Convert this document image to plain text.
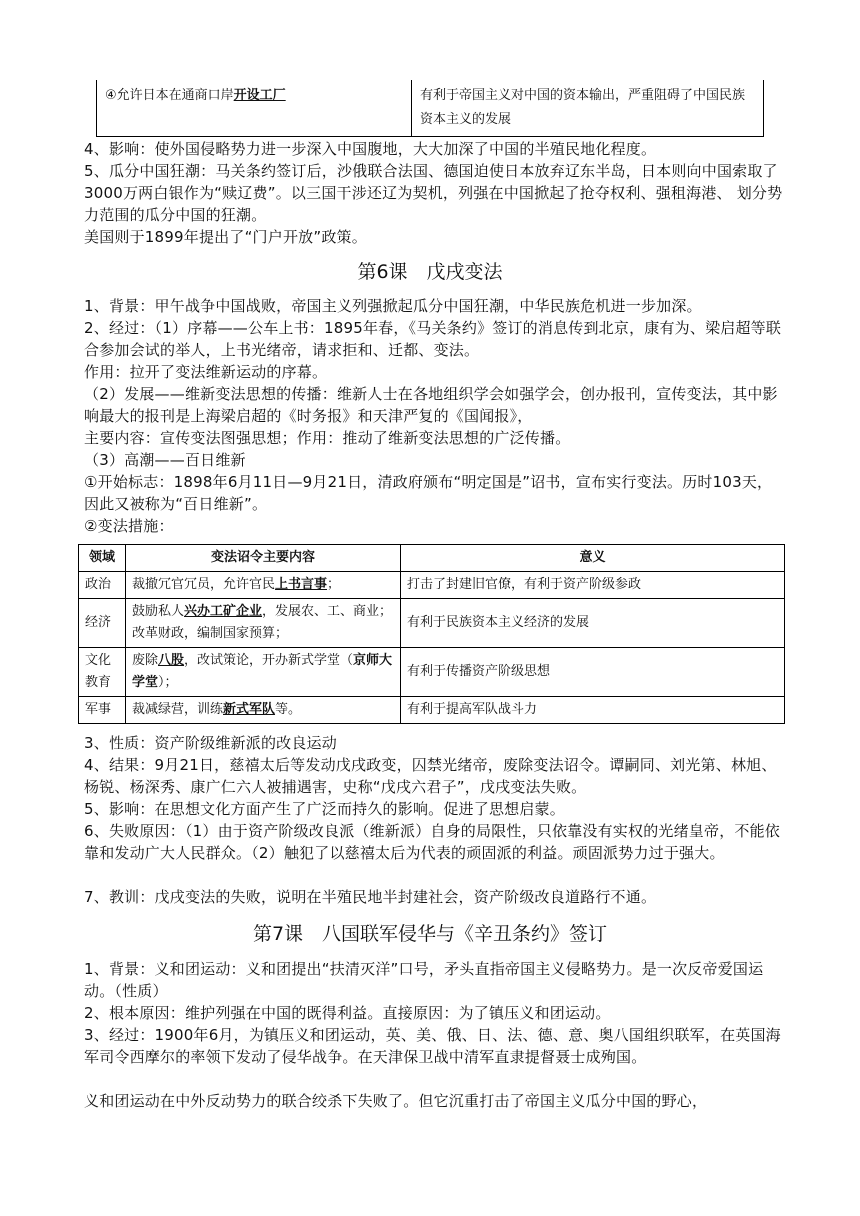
④允许日本在通商口岸开设工厂	有利于帝国主义对中国的资本输出，严重阻碍了中国民族资本主义的发展

4、影响：使外国侵略势力进一步深入中国腹地，大大加深了中国的半殖民地化程度。

5、瓜分中国狂潮：马关条约签订后，沙俄联合法国、德国迫使日本放弃辽东半岛，日本则向中国索取了3000万两白银作为“赎辽费”。以三国干涉还辽为契机，列强在中国掀起了抢夺权利、强租海港、 划分势力范围的瓜分中国的狂潮。

美国则于1899年提出了“门户开放”政策。

第6课　戊戌变法

1、背景：甲午战争中国战败，帝国主义列强掀起瓜分中国狂潮，中华民族危机进一步加深。

2、经过：（1）序幕——公车上书：1895年春，《马关条约》签订的消息传到北京，康有为、梁启超等联合参加会试的举人，上书光绪帝，请求拒和、迁都、变法。

作用：拉开了变法维新运动的序幕。

（2）发展——维新变法思想的传播：维新人士在各地组织学会如强学会，创办报刊，宣传变法，其中影响最大的报刊是上海梁启超的《时务报》和天津严复的《国闻报》，

主要内容：宣传变法图强思想；作用：推动了维新变法思想的广泛传播。

（3）高潮——百日维新

①开始标志：1898年6月11日—9月21日，清政府颁布“明定国是”诏书，宣布实行变法。历时103天，因此又被称为“百日维新”。

②变法措施：

领域	变法诏令主要内容	意义
政治	裁撤冗官冗员，允许官民上书言事；	打击了封建旧官僚，有利于资产阶级参政
经济	鼓励私人兴办工矿企业，发展农、工、商业；改革财政，编制国家预算；	有利于民族资本主义经济的发展
文化教育	废除八股，改试策论，开办新式学堂（京师大学堂）；	有利于传播资产阶级思想
军事	裁减绿营，训练新式军队等。	有利于提高军队战斗力

3、性质：资产阶级维新派的改良运动

4、结果：9月21日，慈禧太后等发动戊戌政变，囚禁光绪帝，废除变法诏令。谭嗣同、刘光第、林旭、杨锐、杨深秀、康广仁六人被捕遇害，史称“戊戌六君子”，戊戌变法失败。

5、影响：在思想文化方面产生了广泛而持久的影响。促进了思想启蒙。

6、失败原因：（1）由于资产阶级改良派（维新派）自身的局限性，只依靠没有实权的光绪皇帝，不能依靠和发动广大人民群众。（2）触犯了以慈禧太后为代表的顽固派的利益。顽固派势力过于强大。

7、教训：戊戌变法的失败，说明在半殖民地半封建社会，资产阶级改良道路行不通。

第7课　八国联军侵华与《辛丑条约》签订

1、背景：义和团运动：义和团提出“扶清灭洋”口号，矛头直指帝国主义侵略势力。是一次反帝爱国运动。（性质）

2、根本原因：维护列强在中国的既得利益。直接原因：为了镇压义和团运动。

3、经过：1900年6月，为镇压义和团运动，英、美、俄、日、法、德、意、奥八国组织联军，在英国海军司令西摩尔的率领下发动了侵华战争。在天津保卫战中清军直隶提督聂士成殉国。

义和团运动在中外反动势力的联合绞杀下失败了。但它沉重打击了帝国主义瓜分中国的野心，
